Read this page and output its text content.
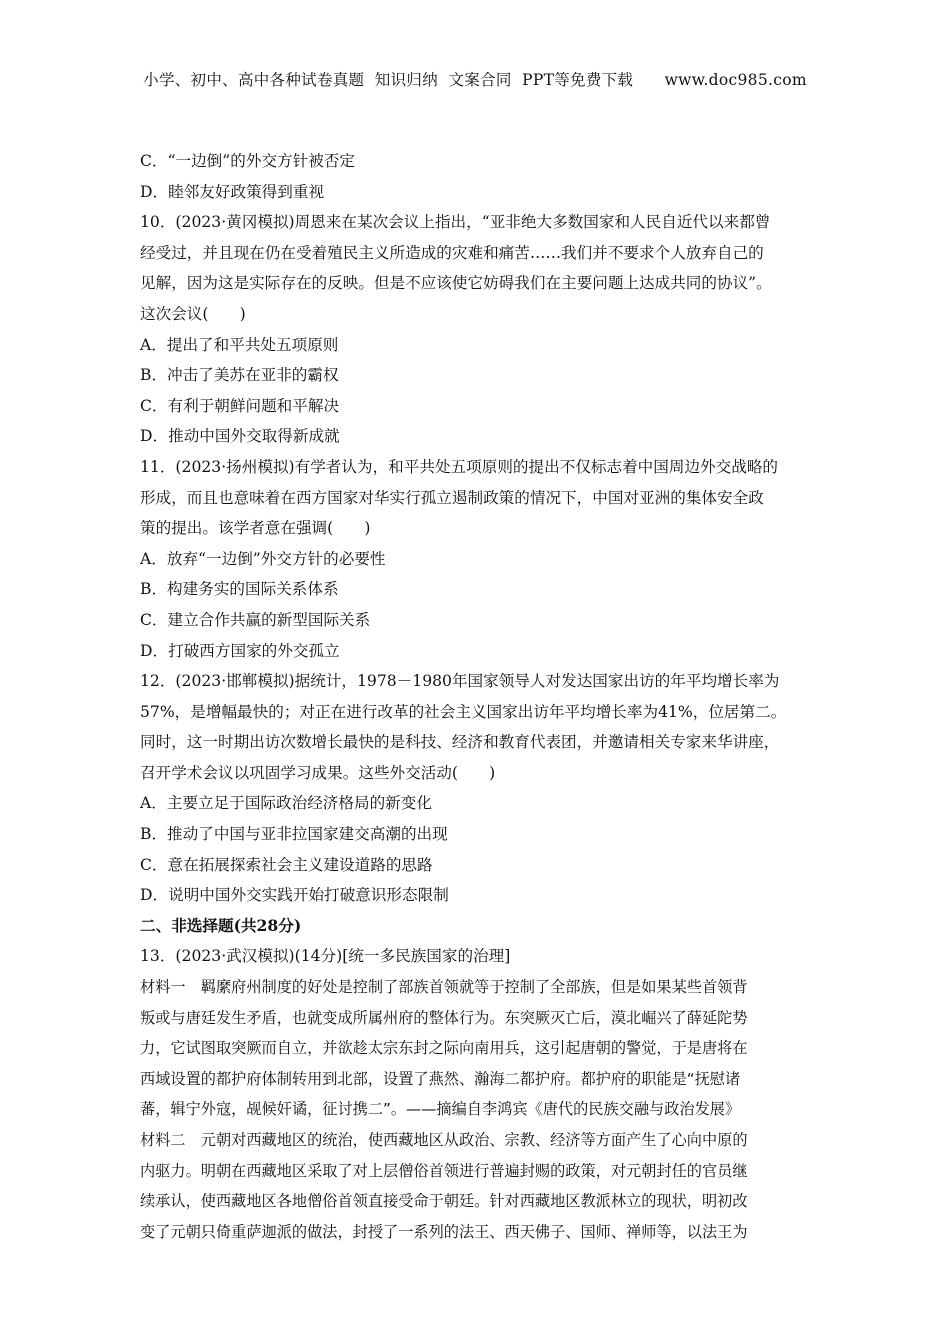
小学、初中、高中各种试卷真题  知识归纳  文案合同  PPT等免费下载      www.doc985.com
C．“一边倒”的外交方针被否定
D．睦邻友好政策得到重视
10．(2023·黄冈模拟)周恩来在某次会议上指出，“亚非绝大多数国家和人民自近代以来都曾
经受过，并且现在仍在受着殖民主义所造成的灾难和痛苦……我们并不要求个人放弃自己的
见解，因为这是实际存在的反映。但是不应该使它妨碍我们在主要问题上达成共同的协议”。
这次会议(　　)
A．提出了和平共处五项原则
B．冲击了美苏在亚非的霸权
C．有利于朝鲜问题和平解决
D．推动中国外交取得新成就
11．(2023·扬州模拟)有学者认为，和平共处五项原则的提出不仅标志着中国周边外交战略的
形成，而且也意味着在西方国家对华实行孤立遏制政策的情况下，中国对亚洲的集体安全政
策的提出。该学者意在强调(　　)
A．放弃“一边倒”外交方针的必要性
B．构建务实的国际关系体系
C．建立合作共赢的新型国际关系
D．打破西方国家的外交孤立
12．(2023·邯郸模拟)据统计，1978－1980年国家领导人对发达国家出访的年平均增长率为
57%，是增幅最快的；对正在进行改革的社会主义国家出访年平均增长率为41%，位居第二。
同时，这一时期出访次数增长最快的是科技、经济和教育代表团，并邀请相关专家来华讲座，
召开学术会议以巩固学习成果。这些外交活动(　　)
A．主要立足于国际政治经济格局的新变化
B．推动了中国与亚非拉国家建交高潮的出现
C．意在拓展探索社会主义建设道路的思路
D．说明中国外交实践开始打破意识形态限制
二、非选择题(共28分)
13．(2023·武汉模拟)(14分)[统一多民族国家的治理]
材料一　羁縻府州制度的好处是控制了部族首领就等于控制了全部族，但是如果某些首领背
叛或与唐廷发生矛盾，也就变成所属州府的整体行为。东突厥灭亡后，漠北崛兴了薛延陀势
力，它试图取突厥而自立，并欲趁太宗东封之际向南用兵，这引起唐朝的警觉，于是唐将在
西域设置的都护府体制转用到北部，设置了燕然、瀚海二都护府。都护府的职能是“抚慰诸
蕃，辑宁外寇，觇候奸谲，征讨携二”。——摘编自李鸿宾《唐代的民族交融与政治发展》
材料二　元朝对西藏地区的统治，使西藏地区从政治、宗教、经济等方面产生了心向中原的
内驱力。明朝在西藏地区采取了对上层僧俗首领进行普遍封赐的政策，对元朝封任的官员继
续承认，使西藏地区各地僧俗首领直接受命于朝廷。针对西藏地区教派林立的现状，明初改
变了元朝只倚重萨迦派的做法，封授了一系列的法王、西天佛子、国师、禅师等，以法王为
